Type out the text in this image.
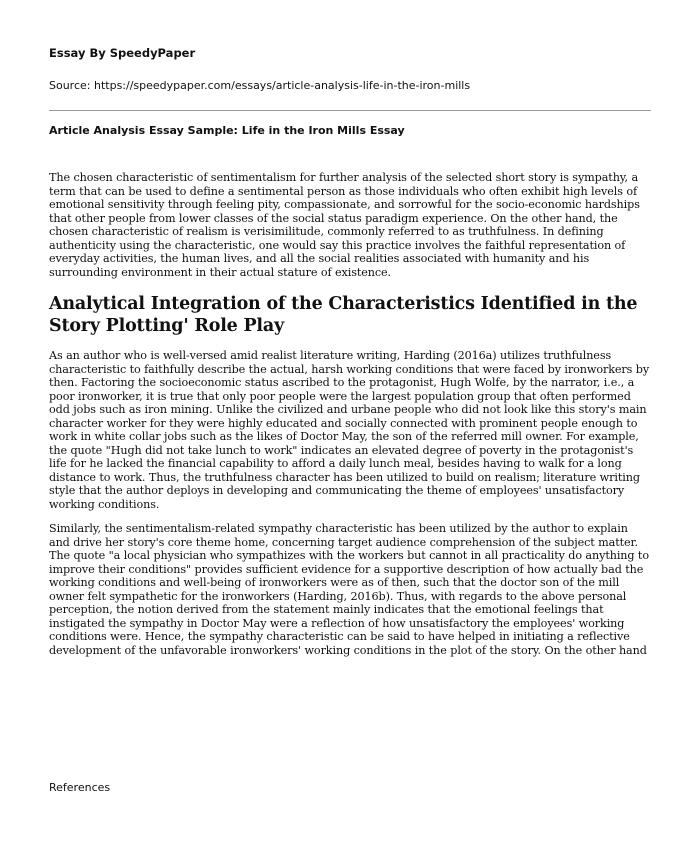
Essay By SpeedyPaper

Source: https://speedypaper.com/essays/article-analysis-life-in-the-iron-mills

Article Analysis Essay Sample: Life in the Iron Mills Essay

The chosen characteristic of sentimentalism for further analysis of the selected short story is sympathy, a term that can be used to define a sentimental person as those individuals who often exhibit high levels of emotional sensitivity through feeling pity, compassionate, and sorrowful for the socio-economic hardships that other people from lower classes of the social status paradigm experience. On the other hand, the chosen characteristic of realism is verisimilitude, commonly referred to as truthfulness. In defining authenticity using the characteristic, one would say this practice involves the faithful representation of everyday activities, the human lives, and all the social realities associated with humanity and his surrounding environment in their actual stature of existence.

Analytical Integration of the Characteristics Identified in the Story Plotting' Role Play

As an author who is well-versed amid realist literature writing, Harding (2016a) utilizes truthfulness characteristic to faithfully describe the actual, harsh working conditions that were faced by ironworkers by then. Factoring the socioeconomic status ascribed to the protagonist, Hugh Wolfe, by the narrator, i.e., a poor ironworker, it is true that only poor people were the largest population group that often performed odd jobs such as iron mining. Unlike the civilized and urbane people who did not look like this story's main character worker for they were highly educated and socially connected with prominent people enough to work in white collar jobs such as the likes of Doctor May, the son of the referred mill owner. For example, the quote "Hugh did not take lunch to work" indicates an elevated degree of poverty in the protagonist's life for he lacked the financial capability to afford a daily lunch meal, besides having to walk for a long distance to work. Thus, the truthfulness character has been utilized to build on realism; literature writing style that the author deploys in developing and communicating the theme of employees' unsatisfactory working conditions.

Similarly, the sentimentalism-related sympathy characteristic has been utilized by the author to explain and drive her story's core theme home, concerning target audience comprehension of the subject matter. The quote "a local physician who sympathizes with the workers but cannot in all practicality do anything to improve their conditions" provides sufficient evidence for a supportive description of how actually bad the working conditions and well-being of ironworkers were as of then, such that the doctor son of the mill owner felt sympathetic for the ironworkers (Harding, 2016b). Thus, with regards to the above personal perception, the notion derived from the statement mainly indicates that the emotional feelings that instigated the sympathy in Doctor May were a reflection of how unsatisfactory the employees' working conditions were. Hence, the sympathy characteristic can be said to have helped in initiating a reflective development of the unfavorable ironworkers' working conditions in the plot of the story. On the other hand

References
